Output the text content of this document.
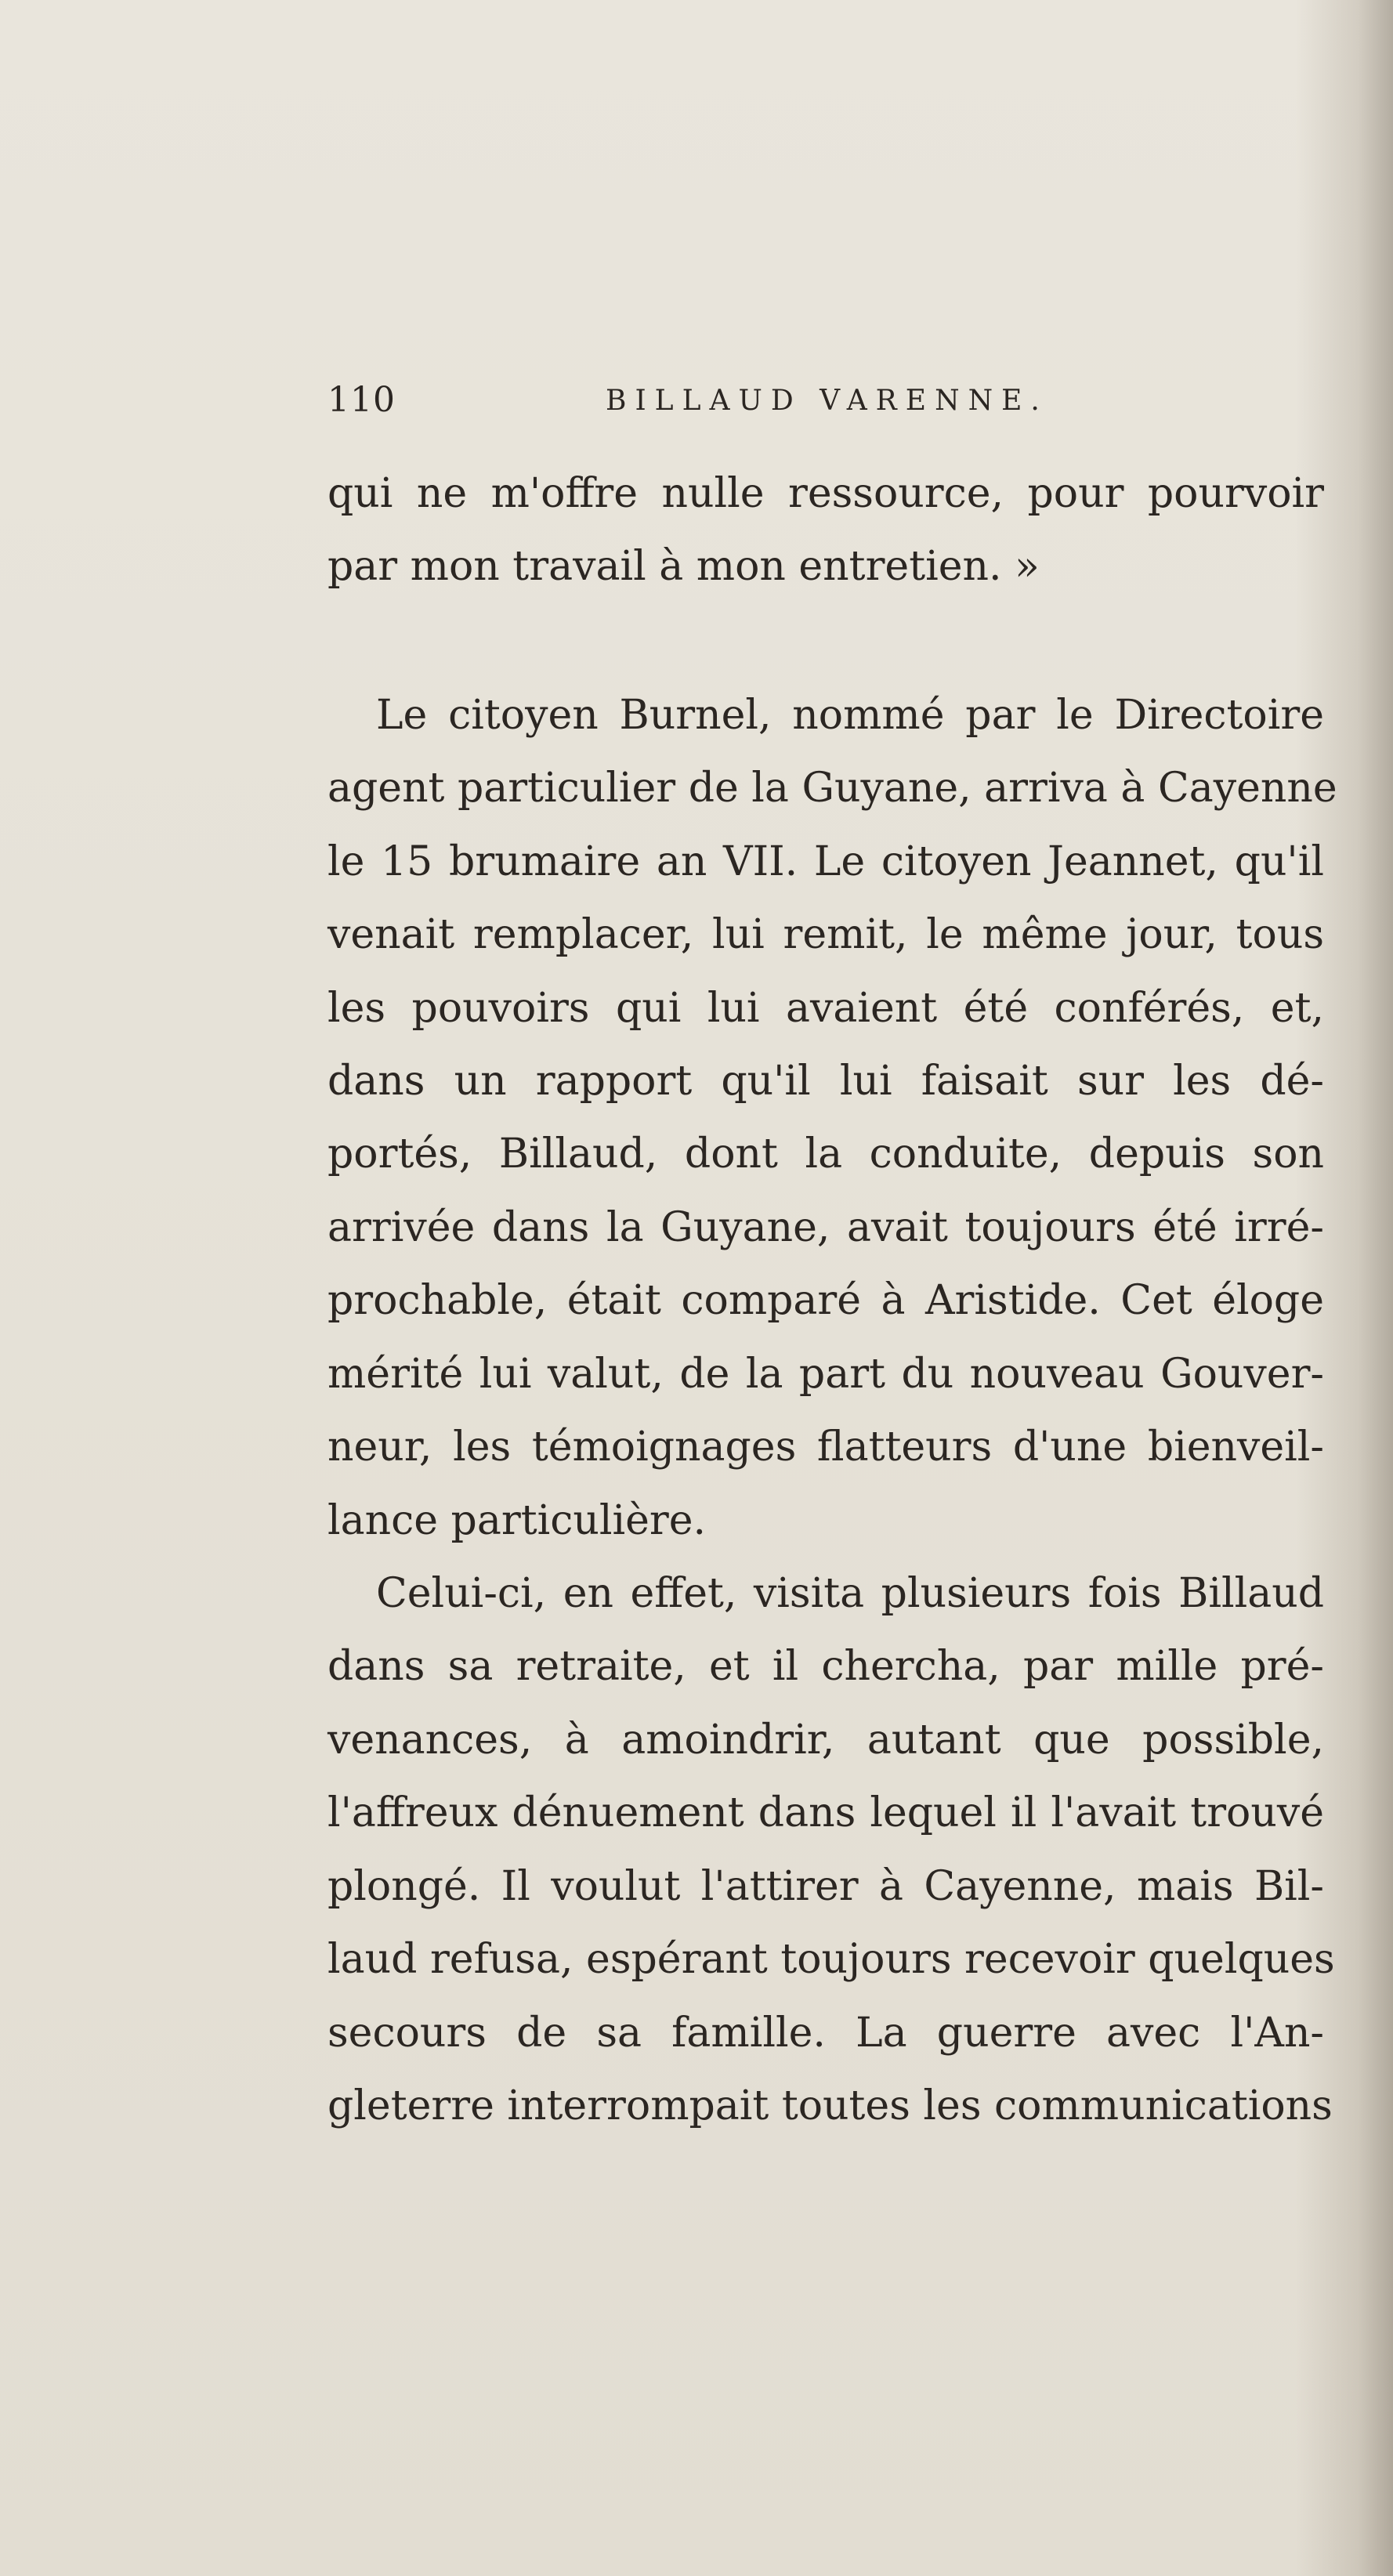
110	BILLAUD VARENNE.
qui ne m'offre nulle ressource, pour pourvoir
par mon travail à mon entretien. »
Le citoyen Burnel, nommé par le Directoire
agent particulier de la Guyane, arriva à Cayenne
le 15 brumaire an VII. Le citoyen Jeannet, qu'il
venait remplacer, lui remit, le même jour, tous
les pouvoirs qui lui avaient été conférés, et,
dans un rapport qu'il lui faisait sur les dé-
portés, Billaud, dont la conduite, depuis son
arrivée dans la Guyane, avait toujours été irré-
prochable, était comparé à Aristide. Cet éloge
mérité lui valut, de la part du nouveau Gouver-
neur, les témoignages flatteurs d'une bienveil-
lance particulière.
Celui-ci, en effet, visita plusieurs fois Billaud
dans sa retraite, et il chercha, par mille pré-
venances, à amoindrir, autant que possible,
l'affreux dénuement dans lequel il l'avait trouvé
plongé. Il voulut l'attirer à Cayenne, mais Bil-
laud refusa, espérant toujours recevoir quelques
secours de sa famille. La guerre avec l'An-
gleterre interrompait toutes les communications
